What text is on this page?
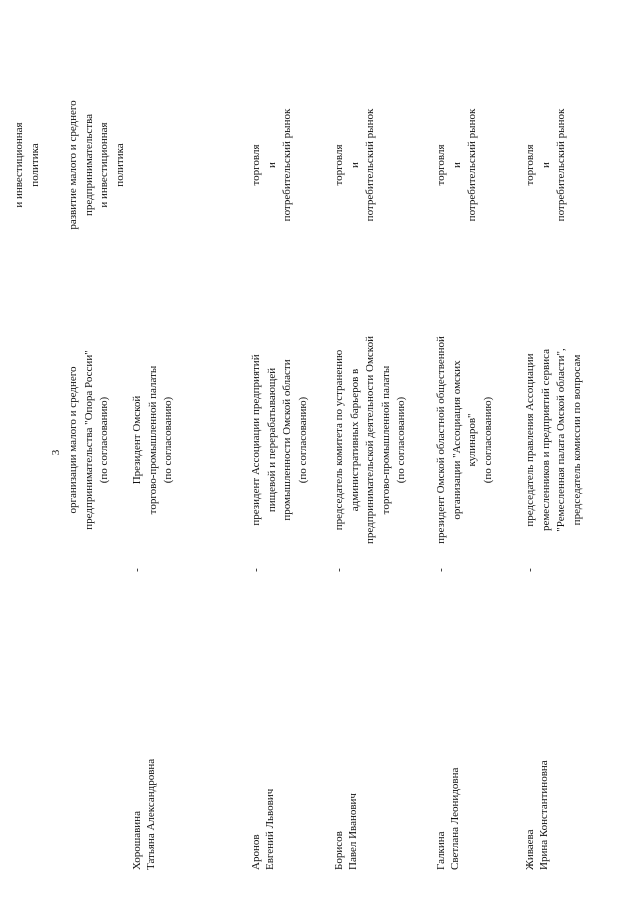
3 организации малого и среднего предпринимательства "Опора России" (по согласованию)
и инвестиционная политика
Хорошавина Татьяна Александровна
-
Президент Омской торгово-промышленной палаты (по согласованию)
развитие малого и среднего предпринимательства и инвестиционная политика
Аронов Евгений Львович
-
президент Ассоциации предприятий пищевой и перерабатывающей промышленности Омской области (по согласованию)
торговля и потребительский рынок
Борисов Павел Иванович
-
председатель комитета по устранению административных барьеров в предпринимательской деятельности Омской торгово-промышленной палаты (по согласованию)
торговля и потребительский рынок
Галкина Светлана Леонидовна
-
президент Омской областной общественной организации "Ассоциация омских кулинаров" (по согласованию)
торговля и потребительский рынок
Живаева Ирина Константиновна
-
председатель правления Ассоциации ремесленников и предприятий сервиса "Ремесленная палата Омской области", председатель комиссии по вопросам
торговля и потребительский рынок
